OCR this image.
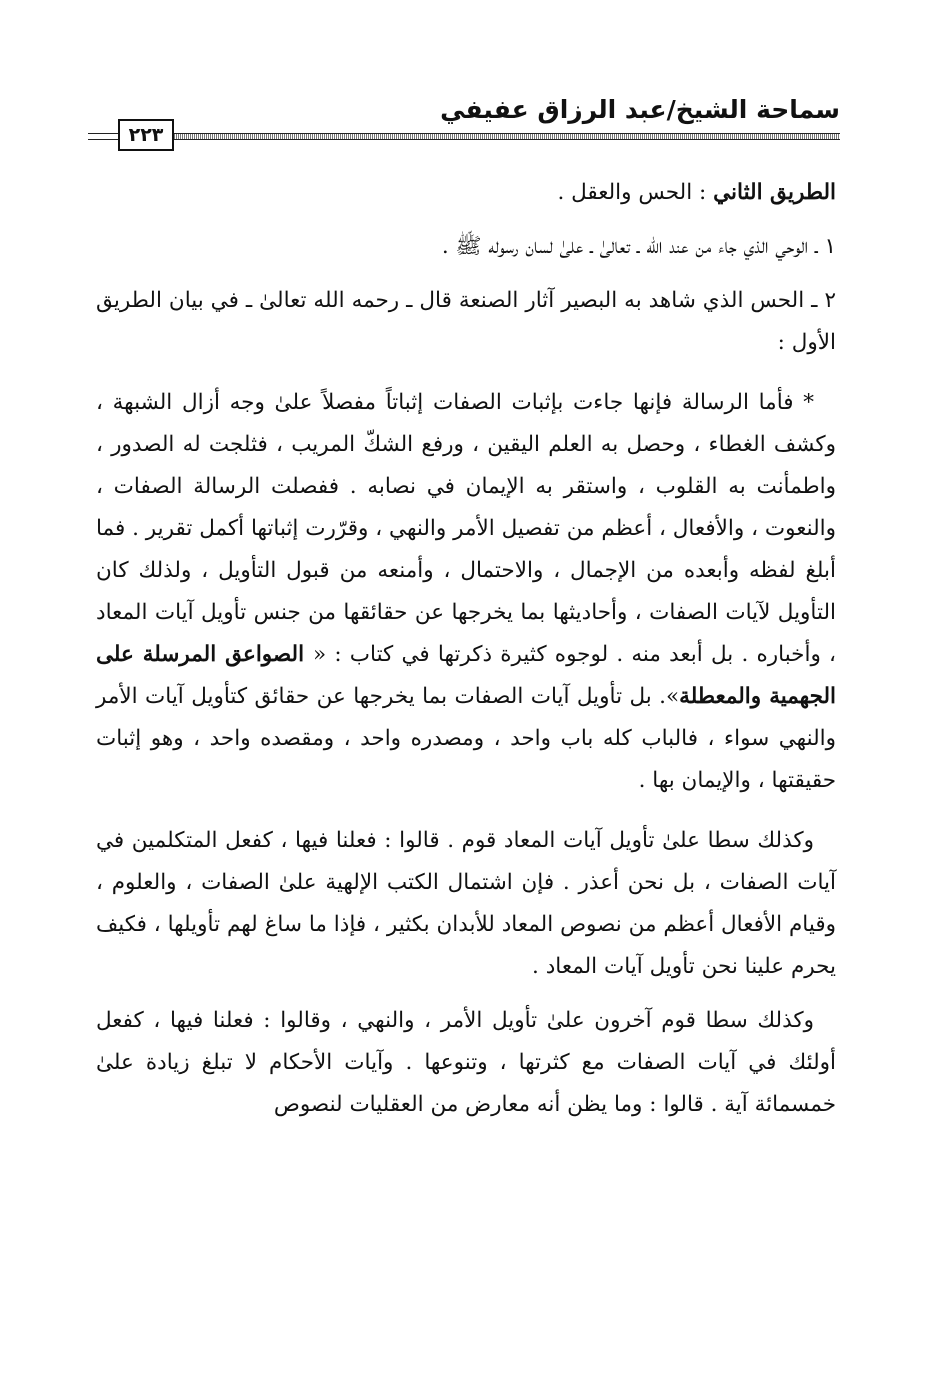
سماحة الشيخ/عبد الرزاق عفيفي
٢٢٣

الطريق الثاني : الحس والعقل .

١ ـ الوحي الذي جاء من عند الله ـ تعالىٰ ـ علىٰ لسان رسوله ﷺ .

٢ ـ الحس الذي شاهد به البصير آثار الصنعة قال ـ رحمه الله تعالىٰ ـ في بيان الطريق الأول :

* فأما الرسالة فإنها جاءت بإثبات الصفات إثباتاً مفصلاً علىٰ وجه أزال الشبهة ، وكشف الغطاء ، وحصل به العلم اليقين ، ورفع الشكّ المريب ، فثلجت له الصدور ، واطمأنت به القلوب ، واستقر به الإيمان في نصابه . ففصلت الرسالة الصفات ، والنعوت ، والأفعال ، أعظم من تفصيل الأمر والنهي ، وقرّرت إثباتها أكمل تقرير . فما أبلغ لفظه وأبعده من الإجمال ، والاحتمال ، وأمنعه من قبول التأويل ، ولذلك كان التأويل لآيات الصفات ، وأحاديثها بما يخرجها عن حقائقها من جنس تأويل آيات المعاد ، وأخباره . بل أبعد منه . لوجوه كثيرة ذكرتها في كتاب : « الصواعق المرسلة على الجهمية والمعطلة». بل تأويل آيات الصفات بما يخرجها عن حقائق كتأويل آيات الأمر والنهي سواء ، فالباب كله باب واحد ، ومصدره واحد ، ومقصده واحد ، وهو إثبات حقيقتها ، والإيمان بها .

وكذلك سطا علىٰ تأويل آيات المعاد قوم . قالوا : فعلنا فيها ، كفعل المتكلمين في آيات الصفات ، بل نحن أعذر . فإن اشتمال الكتب الإلهية علىٰ الصفات ، والعلوم ، وقيام الأفعال أعظم من نصوص المعاد للأبدان بكثير ، فإذا ما ساغ لهم تأويلها ، فكيف يحرم علينا نحن تأويل آيات المعاد .

وكذلك سطا قوم آخرون علىٰ تأويل الأمر ، والنهي ، وقالوا : فعلنا فيها ، كفعل أولئك في آيات الصفات مع كثرتها ، وتنوعها . وآيات الأحكام لا تبلغ زيادة علىٰ خمسمائة آية . قالوا : وما يظن أنه معارض من العقليات لنصوص
